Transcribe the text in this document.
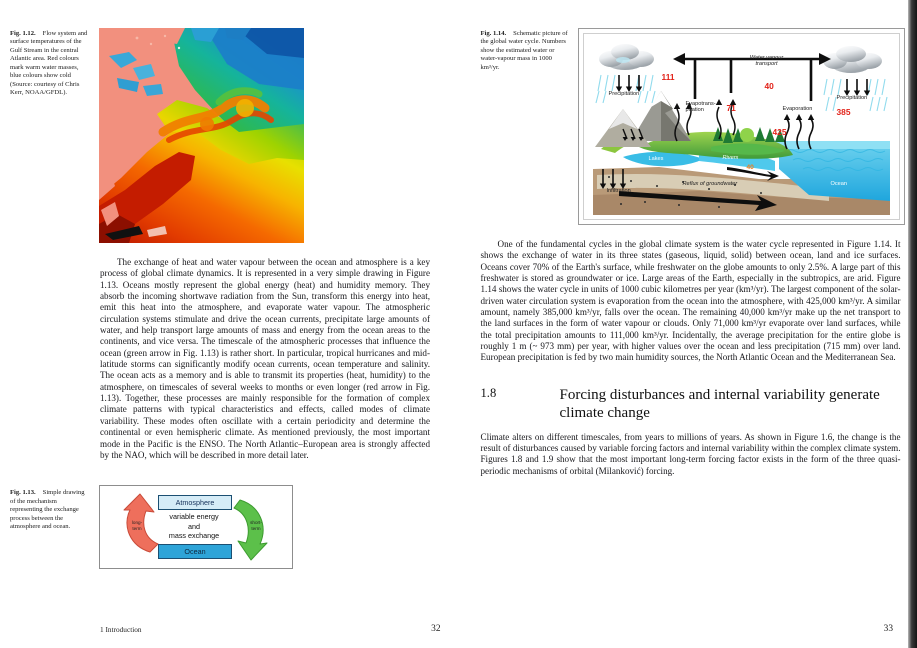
Fig. 1.12. Flow system and surface temperatures of the Gulf Stream in the central Atlantic area. Red colours mark warm water masses, blue colours show cold (Source: courtesy of Chris Kerr, NOAA/GFDL).

The exchange of heat and water vapour between the ocean and atmosphere is a key process of global climate dynamics. It is represented in a very simple drawing in Figure 1.13. Oceans mostly represent the global energy (heat) and humidity memory. They absorb the incoming shortwave radiation from the Sun, transform this energy into heat, emit this heat into the atmosphere, and evaporate water vapour. The atmospheric circulation systems stimulate and drive the ocean currents, precipitate large amounts of water, and help transport large amounts of mass and energy from the ocean areas to the continents, and vice versa. The timescale of the atmospheric processes that influence the ocean (green arrow in Fig. 1.13) is rather short. In particular, tropical hurricanes and mid-latitude storms can significantly modify ocean currents, ocean temperature and salinity. The ocean acts as a memory and is able to transmit its properties (heat, humidity) to the atmosphere, on timescales of several weeks to months or even longer (red arrow in Fig. 1.13). Together, these processes are mainly responsible for the formation of complex climate patterns with typical characteristics and effects, called modes of climate variability. These modes often oscillate with a certain periodicity and determine the continental or even hemispheric climate. As mentioned previously, the most important mode in the Pacific is the ENSO. The North Atlantic–European area is strongly affected by the NAO, which will be described in more detail later.

Fig. 1.13. Simple drawing of the mechanism representing the exchange process between the atmosphere and ocean.
Atmosphere
Ocean
variable energy
and
mass exchange
long-
term
short-
term
1 Introduction	32
Fig. 1.14. Schematic picture of the global water cycle. Numbers show the estimated water or water-vapour mass in 1000 km³/yr.
111
71
40
425
385
40
Precipitation
Evapotrans-piration
Water vapour transport
Evaporation
Precipitation
Lakes	Rivers
Infiltration
Reflux of groundwater	Ocean

One of the fundamental cycles in the global climate system is the water cycle represented in Figure 1.14. It shows the exchange of water in its three states (gaseous, liquid, solid) between ocean, land and ice surfaces. Oceans cover 70% of the Earth's surface, while freshwater on the globe amounts to only 2.5%. A large part of this freshwater is stored as groundwater or ice. Large areas of the Earth, especially in the subtropics, are arid. Figure 1.14 shows the water cycle in units of 1000 cubic kilometres per year (km³/yr). The largest component of the solar-driven water circulation system is evaporation from the ocean into the atmosphere, with 425,000 km³/yr. A similar amount, namely 385,000 km³/yr, falls over the ocean. The remaining 40,000 km³/yr make up the net transport to the land surfaces in the form of water vapour or clouds. Only 71,000 km³/yr evaporate over land surfaces, while the total precipitation amounts to 111,000 km³/yr. Incidentally, the average precipitation for the entire globe is roughly 1 m (~ 973 mm) per year, with higher values over the ocean and less precipitation (715 mm) over land. European precipitation is fed by two main humidity sources, the North Atlantic Ocean and the Mediterranean Sea.

1.8	Forcing disturbances and internal variability generate climate change

Climate alters on different timescales, from years to millions of years. As shown in Figure 1.6, the change is the result of disturbances caused by variable forcing factors and internal variability within the complex climate system. Figures 1.8 and 1.9 show that the most important long-term forcing factor exists in the form of the three quasi-periodic mechanisms of orbital (Milanković) forcing.

33
